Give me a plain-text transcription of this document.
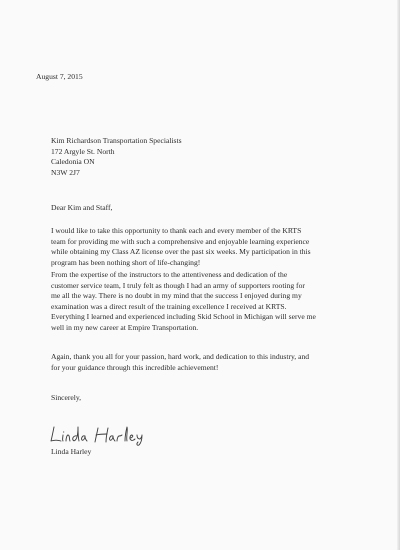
August 7, 2015
Kim Richardson Transportation Specialists
172 Argyle St. North
Caledonia ON
N3W 2J7
Dear Kim and Staff,
I would like to take this opportunity to thank each and every member of the KRTS
team for providing me with such a comprehensive and enjoyable learning experience
while obtaining my Class AZ license over the past six weeks. My participation in this
program has been nothing short of life-changing!
From the expertise of the instructors to the attentiveness and dedication of the
customer service team, I truly felt as though I had an army of supporters rooting for
me all the way. There is no doubt in my mind that the success I enjoyed during my
examination was a direct result of the training excellence I received at KRTS.
Everything I learned and experienced including Skid School in Michigan will serve me
well in my new career at Empire Transportation.
Again, thank you all for your passion, hard work, and dedication to this industry, and
for your guidance through this incredible achievement!
Sincerely,
Linda Harley
Linda Harley
